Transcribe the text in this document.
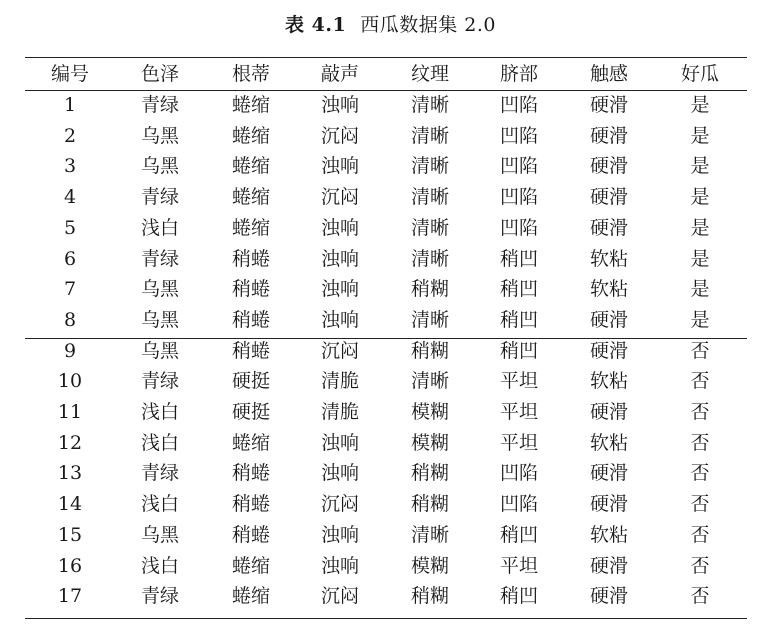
表 4.1 西瓜数据集 2.0
编号	色泽	根蒂	敲声	纹理	脐部	触感	好瓜
1	青绿	蜷缩	浊响	清晰	凹陷	硬滑	是
2	乌黑	蜷缩	沉闷	清晰	凹陷	硬滑	是
3	乌黑	蜷缩	浊响	清晰	凹陷	硬滑	是
4	青绿	蜷缩	沉闷	清晰	凹陷	硬滑	是
5	浅白	蜷缩	浊响	清晰	凹陷	硬滑	是
6	青绿	稍蜷	浊响	清晰	稍凹	软粘	是
7	乌黑	稍蜷	浊响	稍糊	稍凹	软粘	是
8	乌黑	稍蜷	浊响	清晰	稍凹	硬滑	是
9	乌黑	稍蜷	沉闷	稍糊	稍凹	硬滑	否
10	青绿	硬挺	清脆	清晰	平坦	软粘	否
11	浅白	硬挺	清脆	模糊	平坦	硬滑	否
12	浅白	蜷缩	浊响	模糊	平坦	软粘	否
13	青绿	稍蜷	浊响	稍糊	凹陷	硬滑	否
14	浅白	稍蜷	沉闷	稍糊	凹陷	硬滑	否
15	乌黑	稍蜷	浊响	清晰	稍凹	软粘	否
16	浅白	蜷缩	浊响	模糊	平坦	硬滑	否
17	青绿	蜷缩	沉闷	稍糊	稍凹	硬滑	否
